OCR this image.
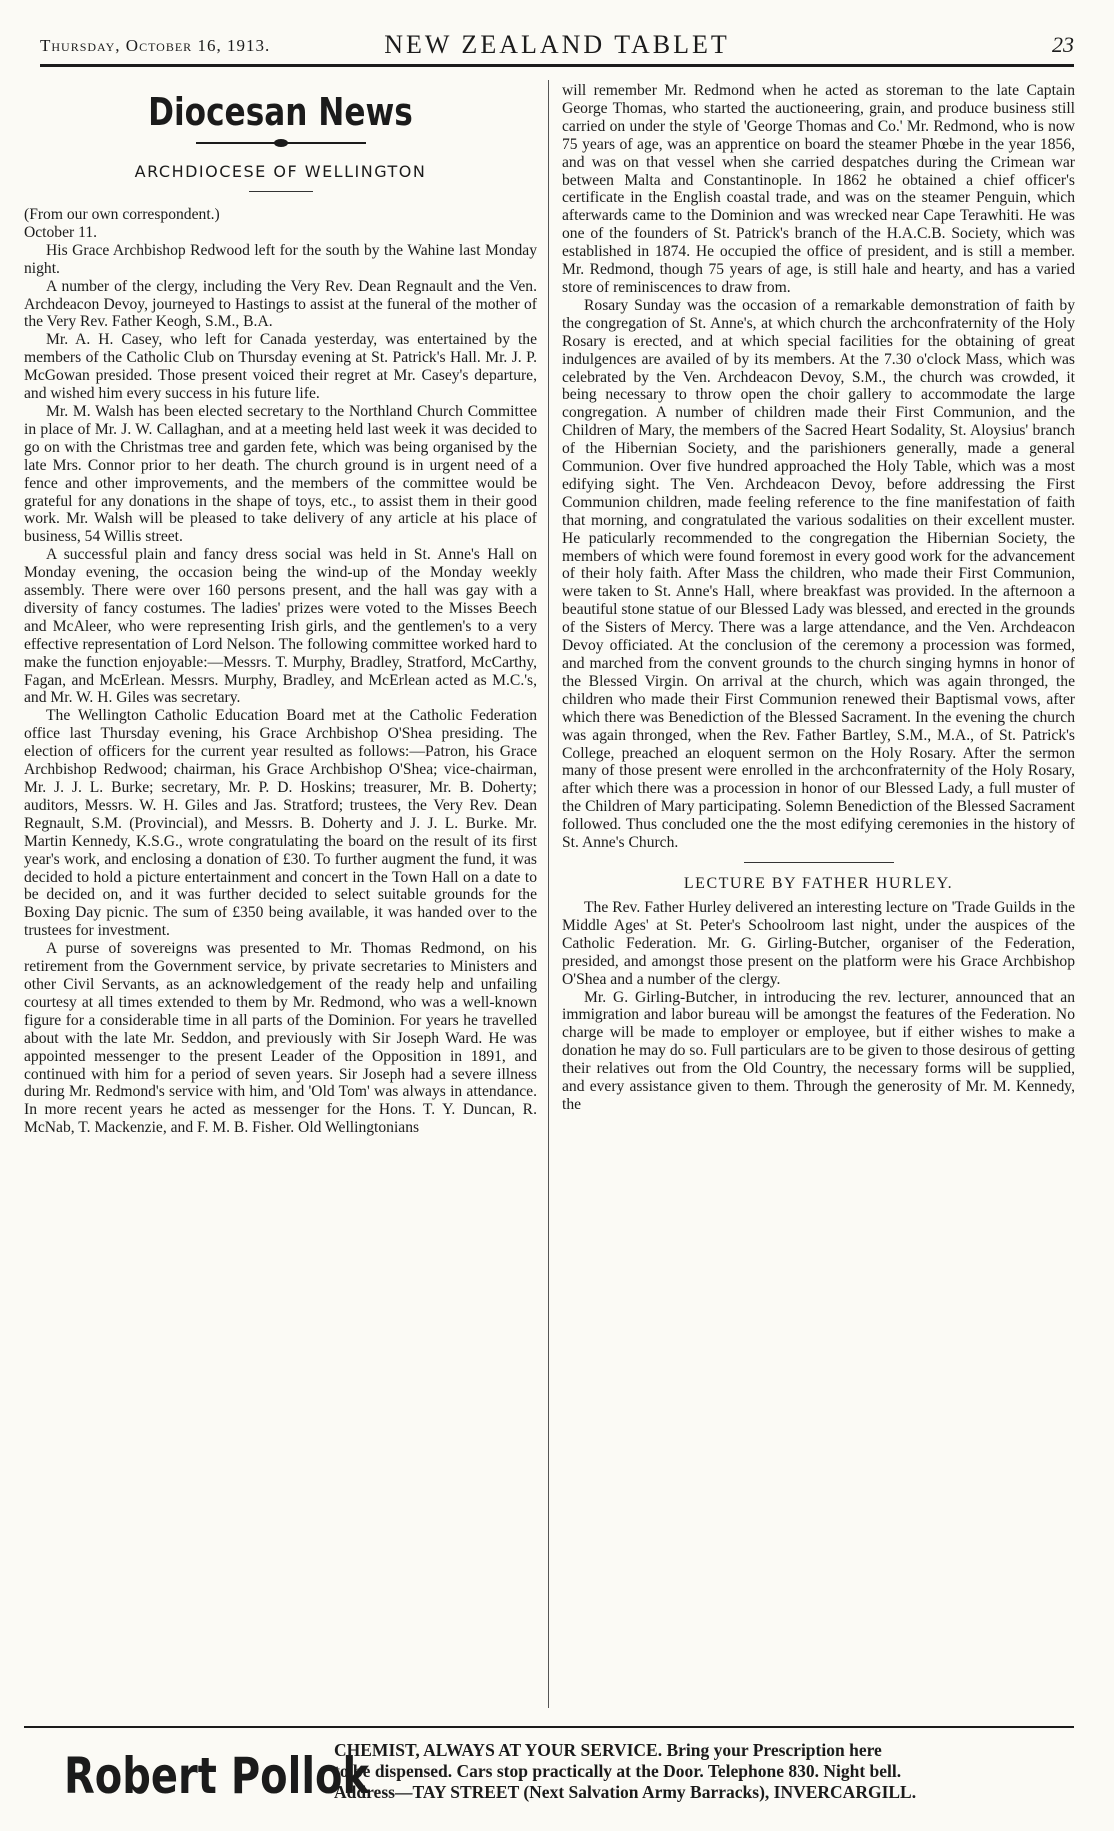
Thursday, October 16, 1913.	NEW ZEALAND TABLET	23
Diocesan News
ARCHDIOCESE OF WELLINGTON

(From our own correspondent.)

October 11.

His Grace Archbishop Redwood left for the south by the Wahine last Monday night.

A number of the clergy, including the Very Rev. Dean Regnault and the Ven. Archdeacon Devoy, journeyed to Hastings to assist at the funeral of the mother of the Very Rev. Father Keogh, S.M., B.A.

Mr. A. H. Casey, who left for Canada yesterday, was entertained by the members of the Catholic Club on Thursday evening at St. Patrick's Hall. Mr. J. P. McGowan presided. Those present voiced their regret at Mr. Casey's departure, and wished him every success in his future life.

Mr. M. Walsh has been elected secretary to the Northland Church Committee in place of Mr. J. W. Callaghan, and at a meeting held last week it was decided to go on with the Christmas tree and garden fete, which was being organised by the late Mrs. Connor prior to her death. The church ground is in urgent need of a fence and other improvements, and the members of the committee would be grateful for any donations in the shape of toys, etc., to assist them in their good work. Mr. Walsh will be pleased to take delivery of any article at his place of business, 54 Willis street.

A successful plain and fancy dress social was held in St. Anne's Hall on Monday evening, the occasion being the wind-up of the Monday weekly assembly. There were over 160 persons present, and the hall was gay with a diversity of fancy costumes. The ladies' prizes were voted to the Misses Beech and McAleer, who were representing Irish girls, and the gentlemen's to a very effective representation of Lord Nelson. The following committee worked hard to make the function enjoyable:—Messrs. T. Murphy, Bradley, Stratford, McCarthy, Fagan, and McErlean. Messrs. Murphy, Bradley, and McErlean acted as M.C.'s, and Mr. W. H. Giles was secretary.

The Wellington Catholic Education Board met at the Catholic Federation office last Thursday evening, his Grace Archbishop O'Shea presiding. The election of officers for the current year resulted as follows:—Patron, his Grace Archbishop Redwood; chairman, his Grace Archbishop O'Shea; vice-chairman, Mr. J. J. L. Burke; secretary, Mr. P. D. Hoskins; treasurer, Mr. B. Doherty; auditors, Messrs. W. H. Giles and Jas. Stratford; trustees, the Very Rev. Dean Regnault, S.M. (Provincial), and Messrs. B. Doherty and J. J. L. Burke. Mr. Martin Kennedy, K.S.G., wrote congratulating the board on the result of its first year's work, and enclosing a donation of £30. To further augment the fund, it was decided to hold a picture entertainment and concert in the Town Hall on a date to be decided on, and it was further decided to select suitable grounds for the Boxing Day picnic. The sum of £350 being available, it was handed over to the trustees for investment.

A purse of sovereigns was presented to Mr. Thomas Redmond, on his retirement from the Government service, by private secretaries to Ministers and other Civil Servants, as an acknowledgement of the ready help and unfailing courtesy at all times extended to them by Mr. Redmond, who was a well-known figure for a considerable time in all parts of the Dominion. For years he travelled about with the late Mr. Seddon, and previously with Sir Joseph Ward. He was appointed messenger to the present Leader of the Opposition in 1891, and continued with him for a period of seven years. Sir Joseph had a severe illness during Mr. Redmond's service with him, and 'Old Tom' was always in attendance. In more recent years he acted as messenger for the Hons. T. Y. Duncan, R. McNab, T. Mackenzie, and F. M. B. Fisher. Old Wellingtonians

will remember Mr. Redmond when he acted as storeman to the late Captain George Thomas, who started the auctioneering, grain, and produce business still carried on under the style of 'George Thomas and Co.' Mr. Redmond, who is now 75 years of age, was an apprentice on board the steamer Phœbe in the year 1856, and was on that vessel when she carried despatches during the Crimean war between Malta and Constantinople. In 1862 he obtained a chief officer's certificate in the English coastal trade, and was on the steamer Penguin, which afterwards came to the Dominion and was wrecked near Cape Terawhiti. He was one of the founders of St. Patrick's branch of the H.A.C.B. Society, which was established in 1874. He occupied the office of president, and is still a member. Mr. Redmond, though 75 years of age, is still hale and hearty, and has a varied store of reminiscences to draw from.

Rosary Sunday was the occasion of a remarkable demonstration of faith by the congregation of St. Anne's, at which church the archconfraternity of the Holy Rosary is erected, and at which special facilities for the obtaining of great indulgences are availed of by its members. At the 7.30 o'clock Mass, which was celebrated by the Ven. Archdeacon Devoy, S.M., the church was crowded, it being necessary to throw open the choir gallery to accommodate the large congregation. A number of children made their First Communion, and the Children of Mary, the members of the Sacred Heart Sodality, St. Aloysius' branch of the Hibernian Society, and the parishioners generally, made a general Communion. Over five hundred approached the Holy Table, which was a most edifying sight. The Ven. Archdeacon Devoy, before addressing the First Communion children, made feeling reference to the fine manifestation of faith that morning, and congratulated the various sodalities on their excellent muster. He paticularly recommended to the congregation the Hibernian Society, the members of which were found foremost in every good work for the advancement of their holy faith. After Mass the children, who made their First Communion, were taken to St. Anne's Hall, where breakfast was provided. In the afternoon a beautiful stone statue of our Blessed Lady was blessed, and erected in the grounds of the Sisters of Mercy. There was a large attendance, and the Ven. Archdeacon Devoy officiated. At the conclusion of the ceremony a procession was formed, and marched from the convent grounds to the church singing hymns in honor of the Blessed Virgin. On arrival at the church, which was again thronged, the children who made their First Communion renewed their Baptismal vows, after which there was Benediction of the Blessed Sacrament. In the evening the church was again thronged, when the Rev. Father Bartley, S.M., M.A., of St. Patrick's College, preached an eloquent sermon on the Holy Rosary. After the sermon many of those present were enrolled in the archconfraternity of the Holy Rosary, after which there was a procession in honor of our Blessed Lady, a full muster of the Children of Mary participating. Solemn Benediction of the Blessed Sacrament followed. Thus concluded one the the most edifying ceremonies in the history of St. Anne's Church.

LECTURE BY FATHER HURLEY.

The Rev. Father Hurley delivered an interesting lecture on 'Trade Guilds in the Middle Ages' at St. Peter's Schoolroom last night, under the auspices of the Catholic Federation. Mr. G. Girling-Butcher, organiser of the Federation, presided, and amongst those present on the platform were his Grace Archbishop O'Shea and a number of the clergy.

Mr. G. Girling-Butcher, in introducing the rev. lecturer, announced that an immigration and labor bureau will be amongst the features of the Federation. No charge will be made to employer or employee, but if either wishes to make a donation he may do so. Full particulars are to be given to those desirous of getting their relatives out from the Old Country, the necessary forms will be supplied, and every assistance given to them. Through the generosity of Mr. M. Kennedy, the

Robert Pollok
CHEMIST, ALWAYS AT YOUR SERVICE. Bring your Prescription here
to be dispensed. Cars stop practically at the Door. Telephone 830. Night bell.
Address—TAY STREET (Next Salvation Army Barracks), INVERCARGILL.
